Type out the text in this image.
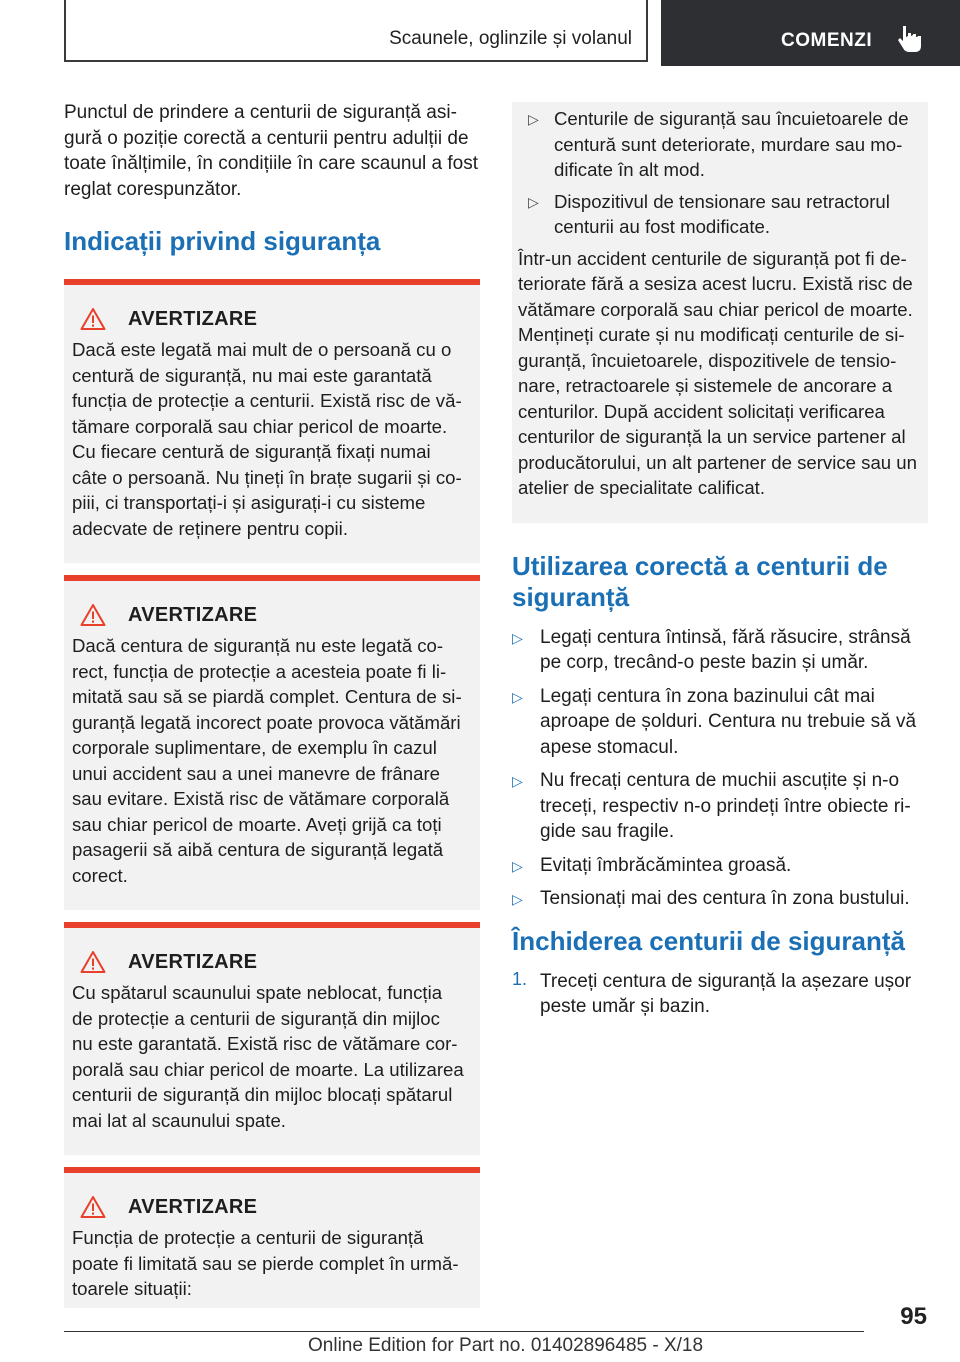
Scaunele, oglinzile și volanul	COMENZI

Punctul de prindere a centurii de siguranță asigură o poziție corectă a centurii pentru adulții de toate înălțimile, în condițiile în care scaunul a fost reglat corespunzător.

Indicații privind siguranța
AVERTIZARE

Dacă este legată mai mult de o persoană cu o centură de siguranță, nu mai este garantată funcția de protecție a centurii. Există risc de vătămare corporală sau chiar pericol de moarte. Cu fiecare centură de siguranță fixați numai câte o persoană. Nu țineți în brațe sugarii și copiii, ci transportați-i și asigurați-i cu sisteme adecvate de reținere pentru copii.

AVERTIZARE

Dacă centura de siguranță nu este legată corect, funcția de protecție a acesteia poate fi limitată sau să se piardă complet. Centura de siguranță legată incorect poate provoca vătămări corporale suplimentare, de exemplu în cazul unui accident sau a unei manevre de frânare sau evitare. Există risc de vătămare corporală sau chiar pericol de moarte. Aveți grijă ca toți pasagerii să aibă centura de siguranță legată corect.

AVERTIZARE

Cu spătarul scaunului spate neblocat, funcția de protecție a centurii de siguranță din mijloc nu este garantată. Există risc de vătămare corporală sau chiar pericol de moarte. La utilizarea centurii de siguranță din mijloc blocați spătarul mai lat al scaunului spate.

AVERTIZARE

Funcția de protecție a centurii de siguranță poate fi limitată sau se pierde complet în următoarele situații:

▷ Centurile de siguranță sau încuietoarele de centură sunt deteriorate, murdare sau modificate în alt mod.
▷ Dispozitivul de tensionare sau retractorul centurii au fost modificate.

Într-un accident centurile de siguranță pot fi deteriorate fără a sesiza acest lucru. Există risc de vătămare corporală sau chiar pericol de moarte. Mențineți curate și nu modificați centurile de siguranță, încuietoarele, dispozitivele de tensionare, retractoarele și sistemele de ancorare a centurilor. După accident solicitați verificarea centurilor de siguranță la un service partener al producătorului, un alt partener de service sau un atelier de specialitate calificat.

Utilizarea corectă a centurii de siguranță
▷ Legați centura întinsă, fără răsucire, strânsă pe corp, trecând-o peste bazin și umăr.
▷ Legați centura în zona bazinului cât mai aproape de șolduri. Centura nu trebuie să vă apese stomacul.
▷ Nu frecați centura de muchii ascuțite și n-o treceți, respectiv n-o prindeți între obiecte rigide sau fragile.
▷ Evitați îmbrăcămintea groasă.
▷ Tensionați mai des centura în zona bustului.
Închiderea centurii de siguranță
1. Treceți centura de siguranță la așezare ușor peste umăr și bazin.
95
Online Edition for Part no. 01402896485 - X/18
